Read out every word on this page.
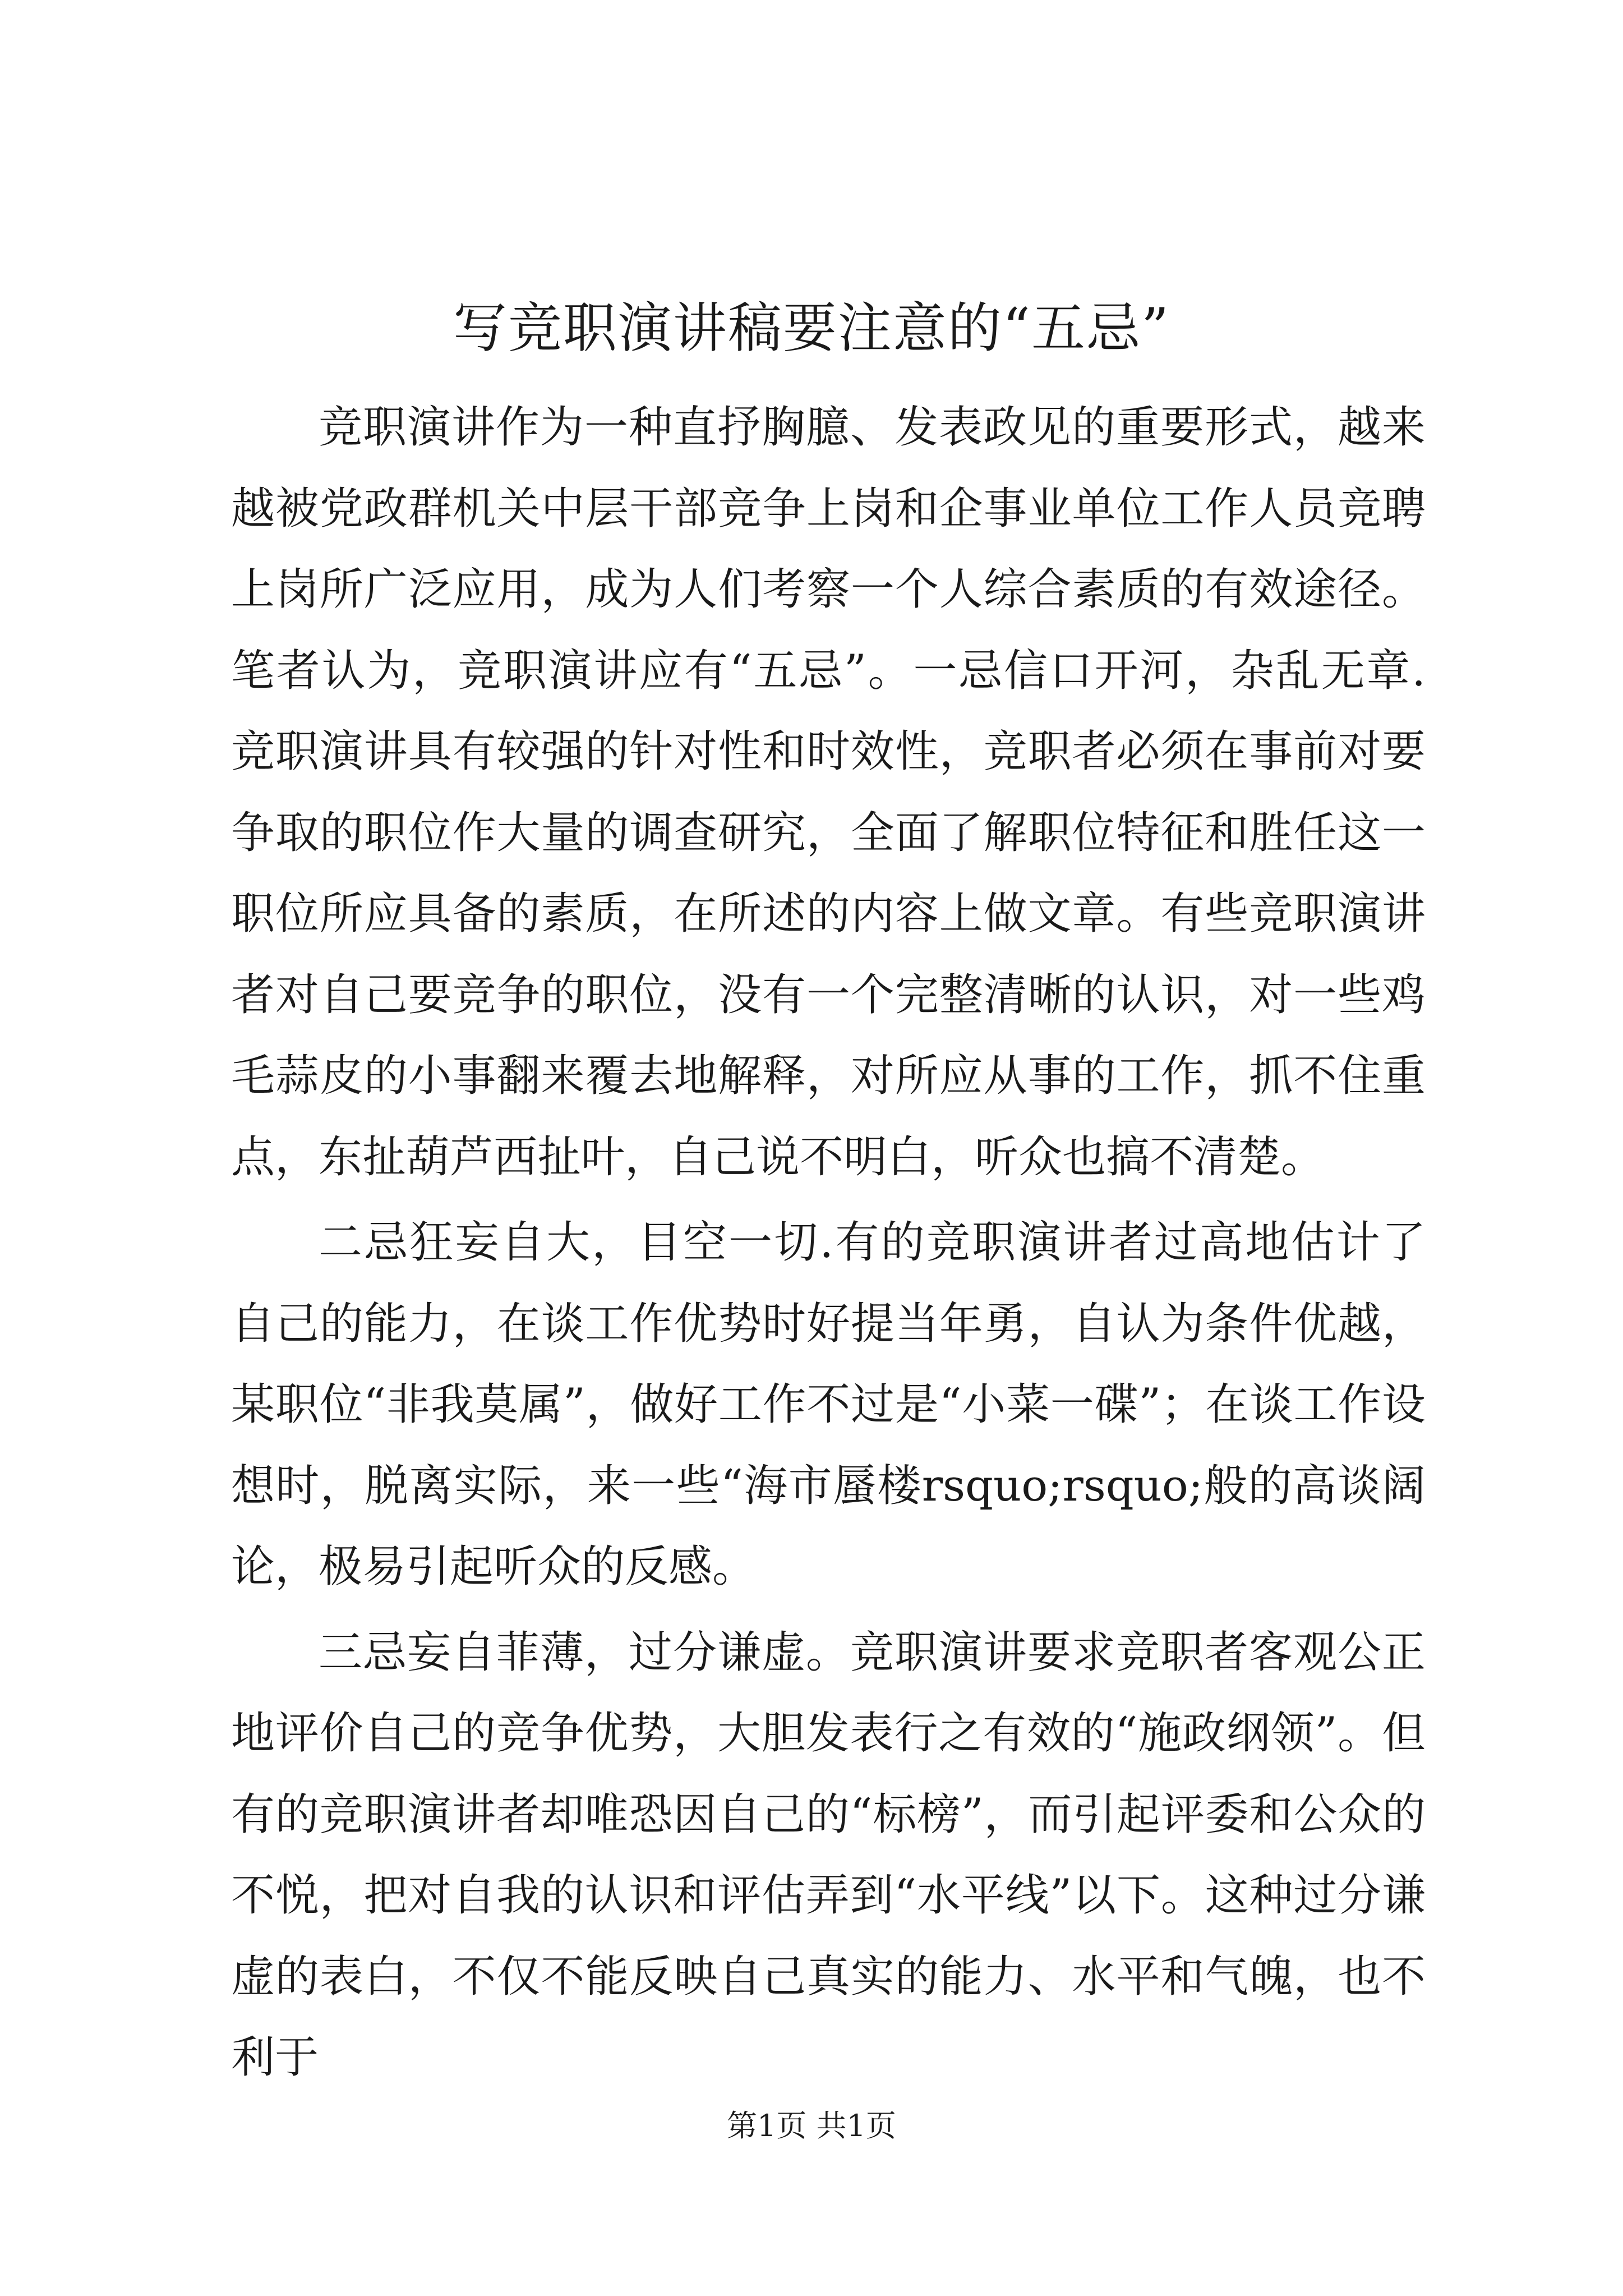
写竞职演讲稿要注意的“五忌”

竞职演讲作为一种直抒胸臆、发表政见的重要形式，越来越被党政群机关中层干部竞争上岗和企事业单位工作人员竞聘上岗所广泛应用，成为人们考察一个人综合素质的有效途径。笔者认为，竞职演讲应有“五忌”。一忌信口开河，杂乱无章.竞职演讲具有较强的针对性和时效性，竞职者必须在事前对要争取的职位作大量的调查研究，全面了解职位特征和胜任这一职位所应具备的素质，在所述的内容上做文章。有些竞职演讲者对自己要竞争的职位，没有一个完整清晰的认识，对一些鸡毛蒜皮的小事翻来覆去地解释，对所应从事的工作，抓不住重点，东扯葫芦西扯叶，自己说不明白，听众也搞不清楚。

二忌狂妄自大，目空一切.有的竞职演讲者过高地估计了自己的能力，在谈工作优势时好提当年勇，自认为条件优越，某职位“非我莫属”，做好工作不过是“小菜一碟”；在谈工作设想时，脱离实际，来一些“海市蜃楼rsquo;rsquo;般的高谈阔论，极易引起听众的反感。

三忌妄自菲薄，过分谦虚。竞职演讲要求竞职者客观公正地评价自己的竞争优势，大胆发表行之有效的“施政纲领”。但有的竞职演讲者却唯恐因自己的“标榜”，而引起评委和公众的不悦，把对自我的认识和评估弄到“水平线”以下。这种过分谦虚的表白，不仅不能反映自己真实的能力、水平和气魄，也不利于

第1页 共1页
